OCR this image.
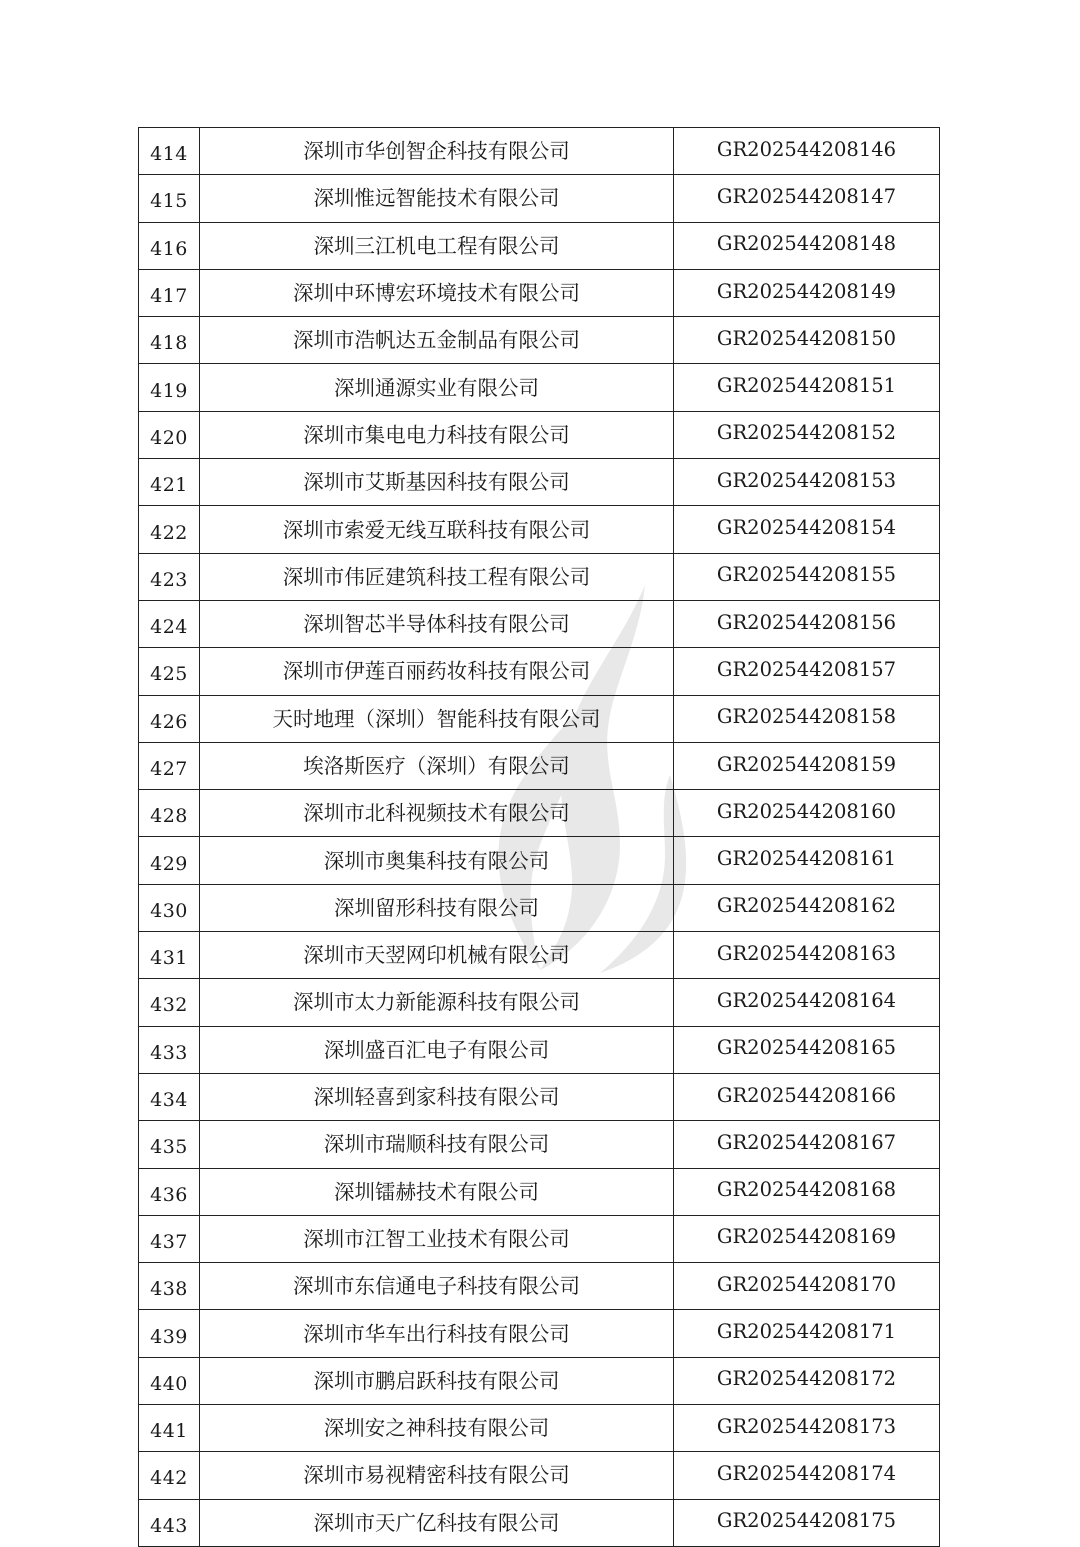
414	深圳市华创智企科技有限公司	GR202544208146
415	深圳惟远智能技术有限公司	GR202544208147
416	深圳三江机电工程有限公司	GR202544208148
417	深圳中环博宏环境技术有限公司	GR202544208149
418	深圳市浩帆达五金制品有限公司	GR202544208150
419	深圳通源实业有限公司	GR202544208151
420	深圳市集电电力科技有限公司	GR202544208152
421	深圳市艾斯基因科技有限公司	GR202544208153
422	深圳市索爱无线互联科技有限公司	GR202544208154
423	深圳市伟匠建筑科技工程有限公司	GR202544208155
424	深圳智芯半导体科技有限公司	GR202544208156
425	深圳市伊莲百丽药妆科技有限公司	GR202544208157
426	天时地理（深圳）智能科技有限公司	GR202544208158
427	埃洛斯医疗（深圳）有限公司	GR202544208159
428	深圳市北科视频技术有限公司	GR202544208160
429	深圳市奥集科技有限公司	GR202544208161
430	深圳留形科技有限公司	GR202544208162
431	深圳市天翌网印机械有限公司	GR202544208163
432	深圳市太力新能源科技有限公司	GR202544208164
433	深圳盛百汇电子有限公司	GR202544208165
434	深圳轻喜到家科技有限公司	GR202544208166
435	深圳市瑞顺科技有限公司	GR202544208167
436	深圳镭赫技术有限公司	GR202544208168
437	深圳市江智工业技术有限公司	GR202544208169
438	深圳市东信通电子科技有限公司	GR202544208170
439	深圳市华车出行科技有限公司	GR202544208171
440	深圳市鹏启跃科技有限公司	GR202544208172
441	深圳安之神科技有限公司	GR202544208173
442	深圳市易视精密科技有限公司	GR202544208174
443	深圳市天广亿科技有限公司	GR202544208175
